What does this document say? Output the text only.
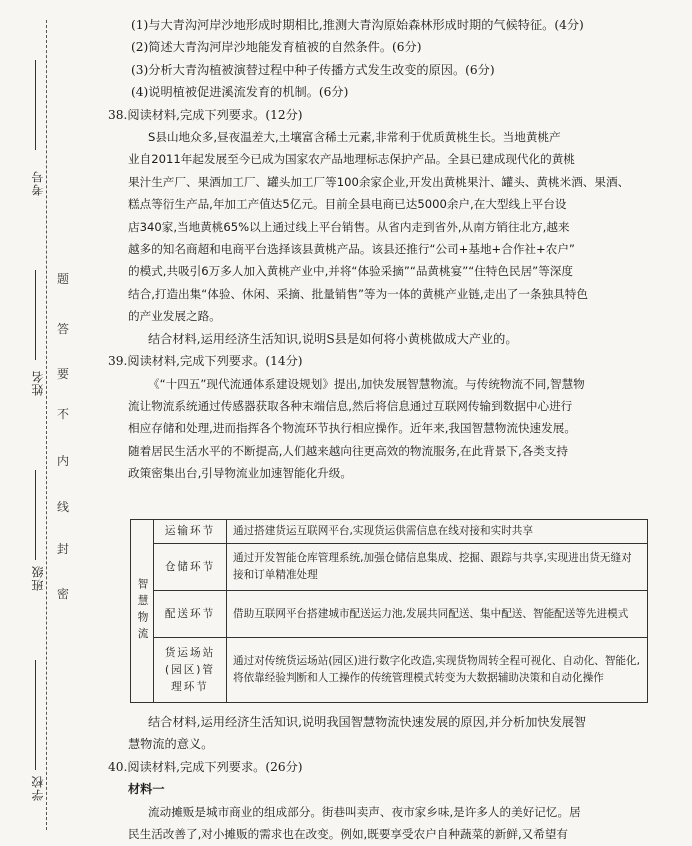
考号
姓名
班级
学校
题
答
要
不
内
线
封
密
(1)与大青沟河岸沙地形成时期相比,推测大青沟原始森林形成时期的气候特征。(4分)
(2)简述大青沟河岸沙地能发育植被的自然条件。(6分)
(3)分析大青沟植被演替过程中种子传播方式发生改变的原因。(6分)
(4)说明植被促进溪流发育的机制。(6分)
38.阅读材料,完成下列要求。(12分)
S县山地众多,昼夜温差大,土壤富含稀土元素,非常利于优质黄桃生长。当地黄桃产
业自2011年起发展至今已成为国家农产品地理标志保护产品。全县已建成现代化的黄桃
果汁生产厂、果酒加工厂、罐头加工厂等100余家企业,开发出黄桃果汁、罐头、黄桃米酒、果酒、
糕点等衍生产品,年加工产值达5亿元。目前全县电商已达5000余户,在大型线上平台设
店340家,当地黄桃65%以上通过线上平台销售。从省内走到省外,从南方销往北方,越来
越多的知名商超和电商平台选择该县黄桃产品。该县还推行“公司+基地+合作社+农户”
的模式,共吸引6万多人加入黄桃产业中,并将“体验采摘”“品黄桃宴”“住特色民居”等深度
结合,打造出集“体验、休闲、采摘、批量销售”等为一体的黄桃产业链,走出了一条独具特色
的产业发展之路。
结合材料,运用经济生活知识,说明S县是如何将小黄桃做成大产业的。
39.阅读材料,完成下列要求。(14分)
《“十四五”现代流通体系建设规划》提出,加快发展智慧物流。与传统物流不同,智慧物
流让物流系统通过传感器获取各种末端信息,然后将信息通过互联网传输到数据中心进行
相应存储和处理,进而指挥各个物流环节执行相应操作。近年来,我国智慧物流快速发展。
随着居民生活水平的不断提高,人们越来越向往更高效的物流服务,在此背景下,各类支持
政策密集出台,引导物流业加速智能化升级。
智慧物流	运输环节	通过搭建货运互联网平台,实现货运供需信息在线对接和实时共享
	仓储环节	通过开发智能仓库管理系统,加强仓储信息集成、挖掘、跟踪与共享,实现进出货无缝对接和订单精准处理
	配送环节	借助互联网平台搭建城市配送运力池,发展共同配送、集中配送、智能配送等先进模式
	货运场站(园区)管理环节	通过对传统货运场站(园区)进行数字化改造,实现货物周转全程可视化、自动化、智能化,将依靠经验判断和人工操作的传统管理模式转变为大数据辅助决策和自动化操作
结合材料,运用经济生活知识,说明我国智慧物流快速发展的原因,并分析加快发展智
慧物流的意义。
40.阅读材料,完成下列要求。(26分)
材料一
流动摊贩是城市商业的组成部分。街巷叫卖声、夜市家乡味,是许多人的美好记忆。居
民生活改善了,对小摊贩的需求也在改变。例如,既要享受农户自种蔬菜的新鲜,又希望有
